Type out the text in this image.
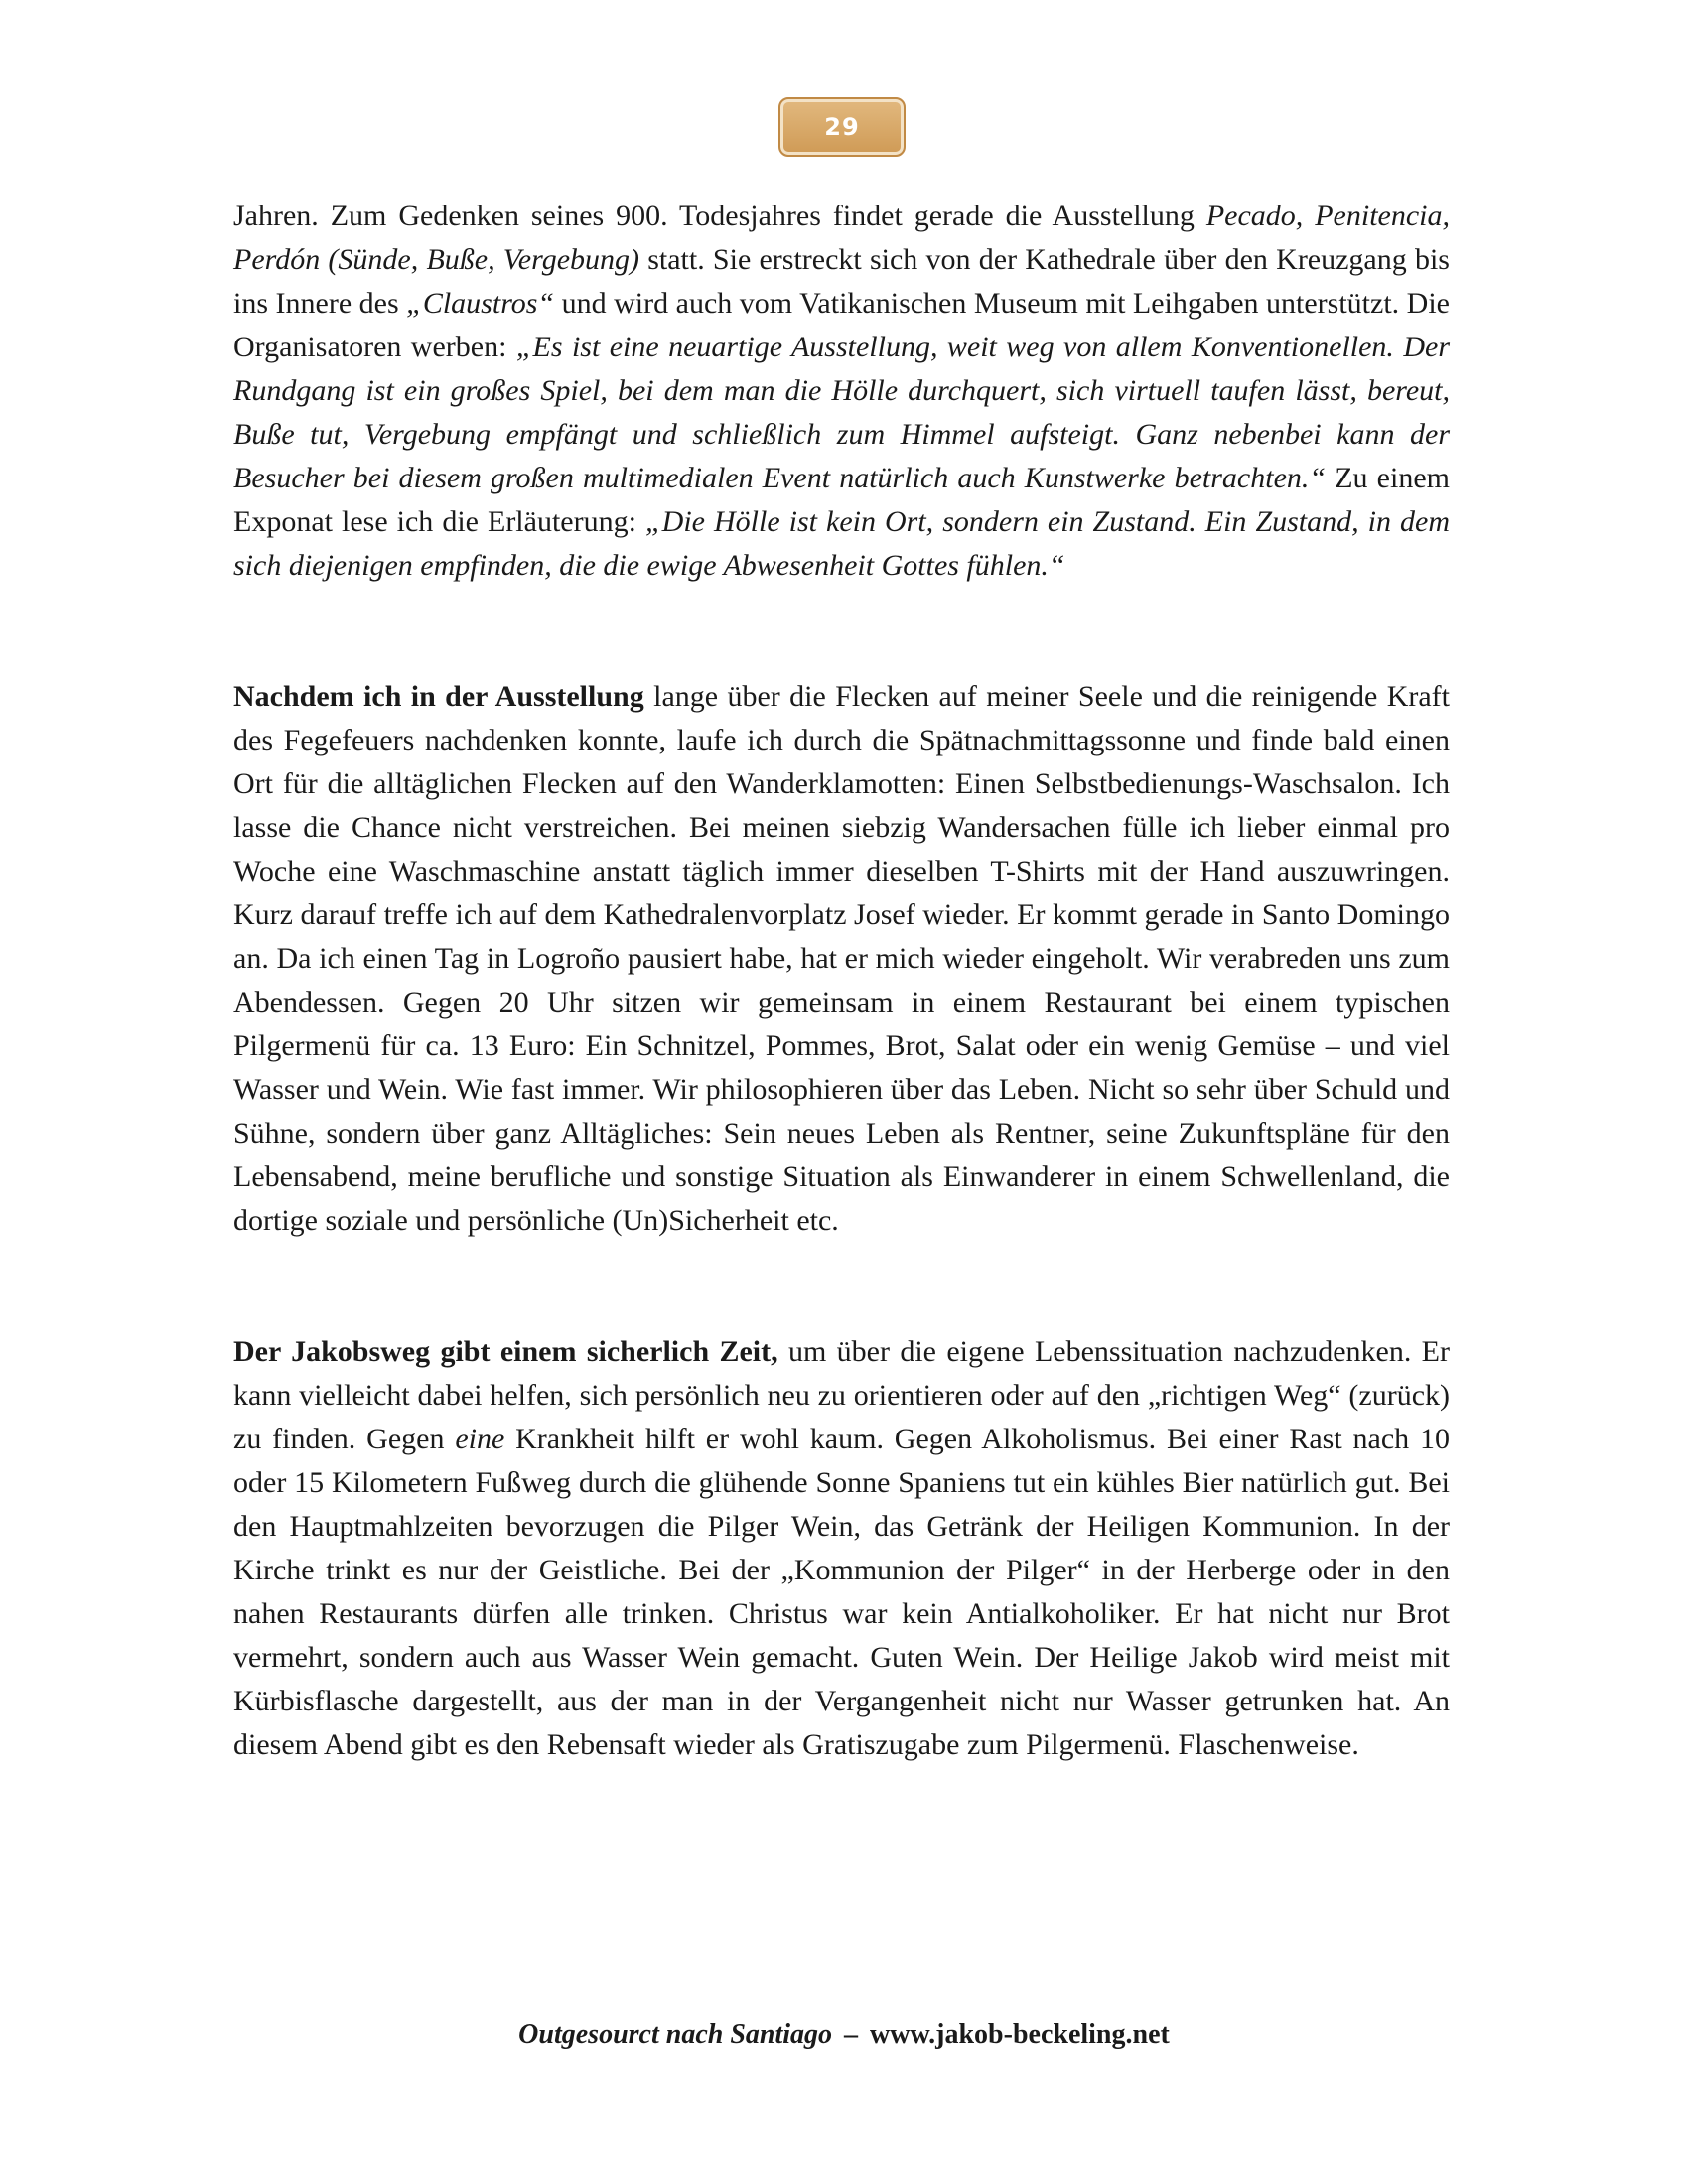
29

Jahren. Zum Gedenken seines 900. Todesjahres findet gerade die Ausstellung Pecado, Penitencia, Perdón (Sünde, Buße, Vergebung) statt. Sie erstreckt sich von der Kathedrale über den Kreuzgang bis ins Innere des „Claustros“ und wird auch vom Vatikanischen Museum mit Leihgaben unterstützt. Die Organisatoren werben: „Es ist eine neuartige Ausstellung, weit weg von allem Konventionellen. Der Rundgang ist ein großes Spiel, bei dem man die Hölle durchquert, sich virtuell taufen lässt, bereut, Buße tut, Vergebung empfängt und schließlich zum Himmel aufsteigt. Ganz nebenbei kann der Besucher bei diesem großen multimedialen Event natürlich auch Kunstwerke betrachten.“ Zu einem Exponat lese ich die Erläuterung: „Die Hölle ist kein Ort, sondern ein Zustand. Ein Zustand, in dem sich diejenigen empfinden, die die ewige Abwesenheit Gottes fühlen.“

Nachdem ich in der Ausstellung lange über die Flecken auf meiner Seele und die reinigende Kraft des Fegefeuers nachdenken konnte, laufe ich durch die Spätnachmittagssonne und finde bald einen Ort für die alltäglichen Flecken auf den Wanderklamotten: Einen Selbstbedienungs-Waschsalon. Ich lasse die Chance nicht verstreichen. Bei meinen siebzig Wandersachen fülle ich lieber einmal pro Woche eine Waschmaschine anstatt täglich immer dieselben T-Shirts mit der Hand auszuwringen. Kurz darauf treffe ich auf dem Kathedralenvorplatz Josef wieder. Er kommt gerade in Santo Domingo an. Da ich einen Tag in Logroño pausiert habe, hat er mich wieder eingeholt. Wir verabreden uns zum Abendessen. Gegen 20 Uhr sitzen wir gemeinsam in einem Restaurant bei einem typischen Pilgermenü für ca. 13 Euro: Ein Schnitzel, Pommes, Brot, Salat oder ein wenig Gemüse – und viel Wasser und Wein. Wie fast immer. Wir philosophieren über das Leben. Nicht so sehr über Schuld und Sühne, sondern über ganz Alltägliches: Sein neues Leben als Rentner, seine Zukunftspläne für den Lebensabend, meine berufliche und sonstige Situation als Einwanderer in einem Schwellenland, die dortige soziale und persönliche (Un)Sicherheit etc.

Der Jakobsweg gibt einem sicherlich Zeit, um über die eigene Lebenssituation nachzudenken. Er kann vielleicht dabei helfen, sich persönlich neu zu orientieren oder auf den „richtigen Weg“ (zurück) zu finden. Gegen eine Krankheit hilft er wohl kaum. Gegen Alkoholismus. Bei einer Rast nach 10 oder 15 Kilometern Fußweg durch die glühende Sonne Spaniens tut ein kühles Bier natürlich gut. Bei den Hauptmahlzeiten bevorzugen die Pilger Wein, das Getränk der Heiligen Kommunion. In der Kirche trinkt es nur der Geistliche. Bei der „Kommunion der Pilger“ in der Herberge oder in den nahen Restaurants dürfen alle trinken. Christus war kein Antialkoholiker. Er hat nicht nur Brot vermehrt, sondern auch aus Wasser Wein gemacht. Guten Wein. Der Heilige Jakob wird meist mit Kürbisflasche dargestellt, aus der man in der Vergangenheit nicht nur Wasser getrunken hat. An diesem Abend gibt es den Rebensaft wieder als Gratiszugabe zum Pilgermenü. Flaschenweise.

Outgesourct nach Santiago – www.jakob-beckeling.net
